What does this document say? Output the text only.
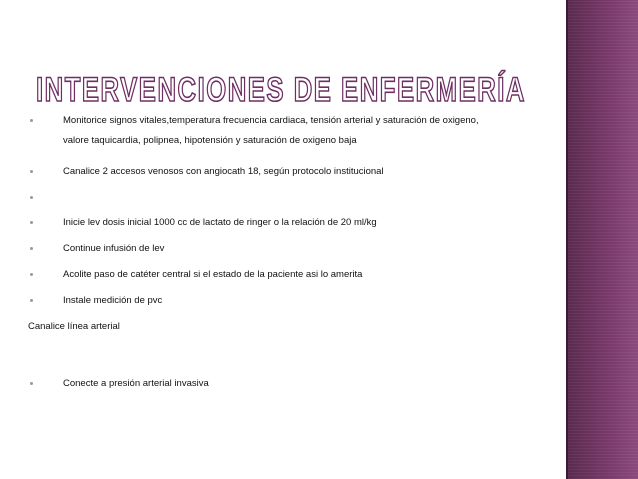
INTERVENCIONES DE ENFERMERÍA
Monitorice signos vitales,temperatura frecuencia cardiaca, tensión arterial y saturación de oxigeno,
valore taquicardia, polipnea, hipotensión y saturación de oxigeno baja
Canalice 2 accesos venosos con angiocath 18, según protocolo institucional
Inicie lev dosis inicial 1000 cc de lactato de ringer o la relación de 20 ml/kg
Continue infusión de lev
Acolite paso de catéter central si el estado de la paciente asi lo amerita
Instale medición de pvc
Canalice línea arterial
Conecte a presión arterial invasiva
